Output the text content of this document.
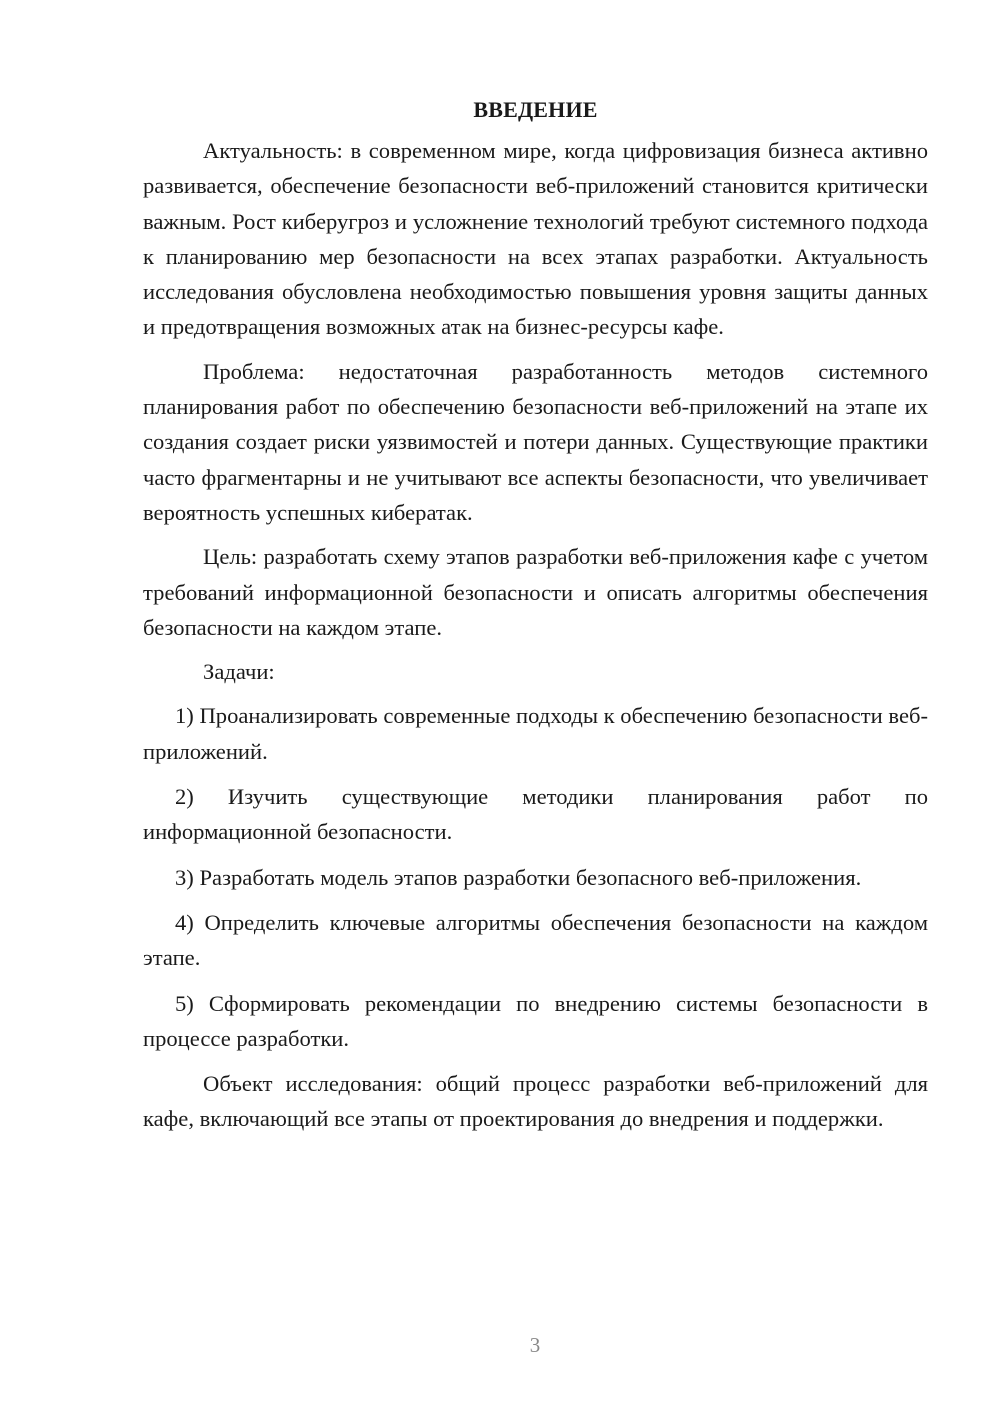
ВВЕДЕНИЕ

Актуальность: в современном мире, когда цифровизация бизнеса активно развивается, обеспечение безопасности веб-приложений становится критически важным. Рост киберугроз и усложнение технологий требуют системного подхода к планированию мер безопасности на всех этапах разработки. Актуальность исследования обусловлена необходимостью повышения уровня защиты данных и предотвращения возможных атак на бизнес-ресурсы кафе.

Проблема: недостаточная разработанность методов системного планирования работ по обеспечению безопасности веб-приложений на этапе их создания создает риски уязвимостей и потери данных. Существующие практики часто фрагментарны и не учитывают все аспекты безопасности, что увеличивает вероятность успешных кибератак.

Цель: разработать схему этапов разработки веб-приложения кафе с учетом требований информационной безопасности и описать алгоритмы обеспечения безопасности на каждом этапе.

Задачи:

1) Проанализировать современные подходы к обеспечению безопасности веб-приложений.

2) Изучить существующие методики планирования работ по информационной безопасности.

3) Разработать модель этапов разработки безопасного веб-приложения.

4) Определить ключевые алгоритмы обеспечения безопасности на каждом этапе.

5) Сформировать рекомендации по внедрению системы безопасности в процессе разработки.

Объект исследования: общий процесс разработки веб-приложений для кафе, включающий все этапы от проектирования до внедрения и поддержки.

3
